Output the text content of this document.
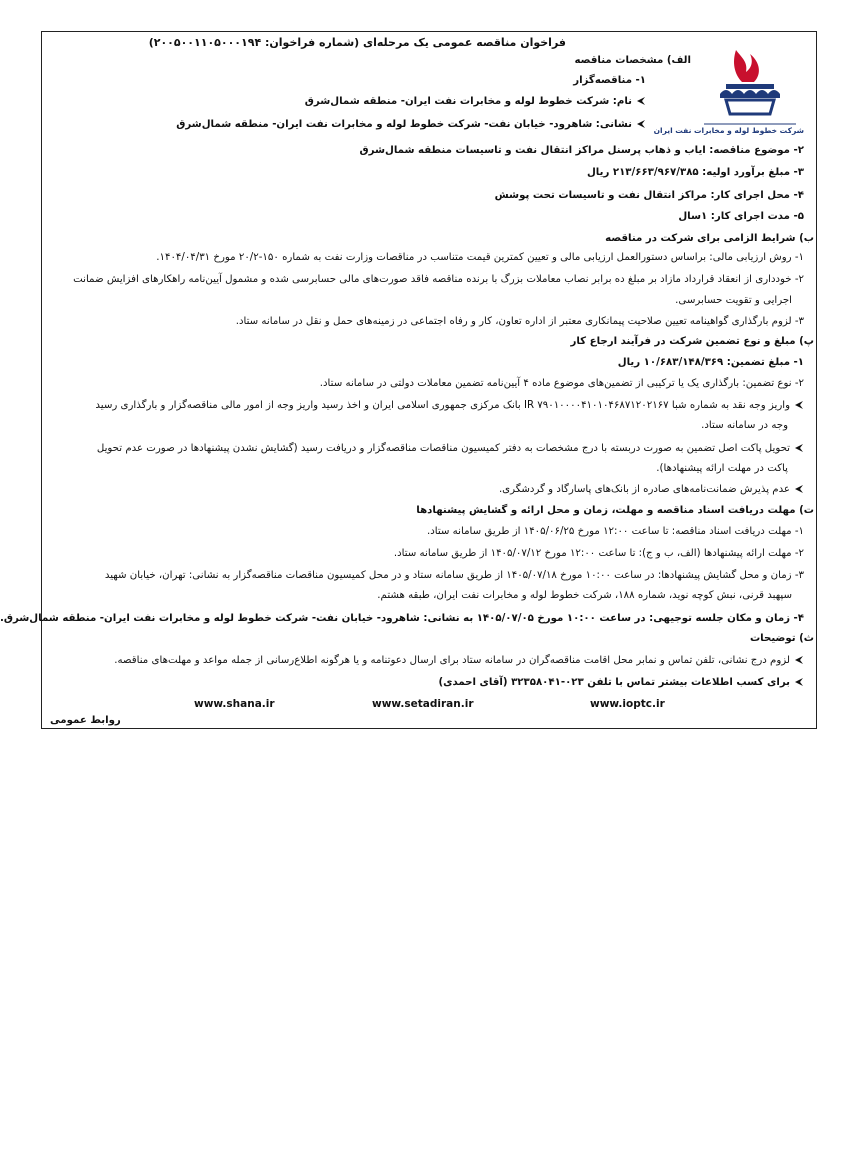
شرکت خطوط لوله و مخابرات نفت ایران
فراخوان مناقصه عمومی یک مرحله‌ای (شماره فراخوان: ۲۰۰۵۰۰۱۱۰۵۰۰۰۱۹۴)
الف) مشخصات مناقصه
۱- مناقصه‌گزار
نام: شرکت خطوط لوله و مخابرات نفت ایران- منطقه شمال‌شرق
نشانی: شاهرود- خیابان نفت- شرکت خطوط لوله و مخابرات نفت ایران- منطقه شمال‌شرق
۲- موضوع مناقصه: ایاب و ذهاب پرسنل مراکز انتقال نفت و تاسیسات منطقه شمال‌شرق
۳- مبلغ برآورد اولیه: ۲۱۳/۶۶۳/۹۶۷/۳۸۵ ریال
۴- محل اجرای کار: مراکز انتقال نفت و تاسیسات تحت پوشش
۵- مدت اجرای کار: ۱سال
ب) شرایط الزامی برای شرکت در مناقصه
۱- روش ارزیابی مالی: براساس دستورالعمل ارزیابی مالی و تعیین کمترین قیمت متناسب در مناقصات وزارت نفت به شماره ۱۵۰-۲۰/۲ مورخ ۱۴۰۴/۰۴/۳۱.
۲- خودداری از انعقاد قرارداد مازاد بر مبلغ ده برابر نصاب معاملات بزرگ با برنده مناقصه فاقد صورت‌های مالی حسابرسی شده و مشمول آیین‌نامه راهکارهای افزایش ضمانت
اجرایی و تقویت حسابرسی.
۳- لزوم بارگذاری گواهینامه تعیین صلاحیت پیمانکاری معتبر از اداره تعاون، کار و رفاه اجتماعی در زمینه‌های حمل و نقل در سامانه ستاد.
پ) مبلغ و نوع تضمین شرکت در فرآیند ارجاع کار
۱- مبلغ تضمین: ۱۰/۶۸۳/۱۴۸/۳۶۹ ریال
۲- نوع تضمین: بارگذاری یک یا ترکیبی از تضمین‌های موضوع ماده ۴ آیین‌نامه تضمین معاملات دولتی در سامانه ستاد.
واریز وجه نقد به شماره شبا IR ۷۹۰۱۰۰۰۰۴۱۰۱۰۴۶۸۷۱۲۰۲۱۶۷ بانک مرکزی جمهوری اسلامی ایران و اخذ رسید واریز وجه از امور مالی مناقصه‌گزار و بارگذاری رسید
وجه در سامانه ستاد.
تحویل پاکت اصل تضمین به صورت دربسته با درج مشخصات به دفتر کمیسیون مناقصات مناقصه‌گزار و دریافت رسید (گشایش نشدن پیشنهادها در صورت عدم تحویل
پاکت در مهلت ارائه پیشنهادها).
عدم پذیرش ضمانت‌نامه‌های صادره از بانک‌های پاسارگاد و گردشگری.
ت) مهلت دریافت اسناد مناقصه و مهلت، زمان و محل ارائه و گشایش پیشنهادها
۱- مهلت دریافت اسناد مناقصه: تا ساعت ۱۲:۰۰ مورخ ۱۴۰۵/۰۶/۲۵ از طریق سامانه ستاد.
۲- مهلت ارائه پیشنهادها (الف، ب و ج): تا ساعت ۱۲:۰۰ مورخ ۱۴۰۵/۰۷/۱۲ از طریق سامانه ستاد.
۳- زمان و محل گشایش پیشنهادها: در ساعت ۱۰:۰۰ مورخ ۱۴۰۵/۰۷/۱۸ از طریق سامانه ستاد و در محل کمیسیون مناقصات مناقصه‌گزار به نشانی: تهران، خیابان شهید
سپهبد قرنی، نبش کوچه نوید، شماره ۱۸۸، شرکت خطوط لوله و مخابرات نفت ایران، طبقه هشتم.
۴- زمان و مکان جلسه توجیهی: در ساعت ۱۰:۰۰ مورخ ۱۴۰۵/۰۷/۰۵ به نشانی: شاهرود- خیابان نفت- شرکت خطوط لوله و مخابرات نفت ایران- منطقه شمال‌شرق.
ث) توضیحات
لزوم درج نشانی، تلفن تماس و نمابر محل اقامت مناقصه‌گران در سامانه ستاد برای ارسال دعوتنامه و یا هرگونه اطلاع‌رسانی از جمله مواعد و مهلت‌های مناقصه.
برای کسب اطلاعات بیشتر تماس با تلفن ۰۲۳-۳۲۳۵۸۰۴۱ (آقای احمدی)
www.shana.ir	www.setadiran.ir	www.ioptc.ir
روابط عمومی
